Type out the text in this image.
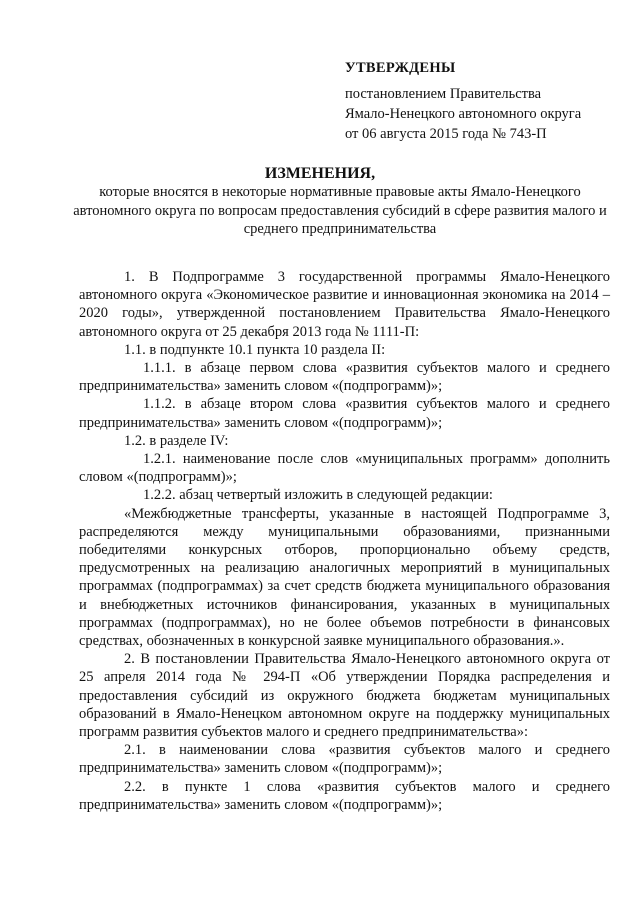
УТВЕРЖДЕНЫ
постановлением Правительства
Ямало-Ненецкого автономного округа
от 06 августа 2015 года № 743-П
ИЗМЕНЕНИЯ,
которые вносятся в некоторые нормативные правовые акты Ямало-Ненецкого автономного округа по вопросам предоставления субсидий в сфере развития малого и среднего предпринимательства

1. В Подпрограмме 3 государственной программы Ямало-Ненецкого автономного округа «Экономическое развитие и инновационная экономика на 2014 – 2020 годы», утвержденной постановлением Правительства Ямало-Ненецкого автономного округа от 25 декабря 2013 года № 1111-П:

1.1. в подпункте 10.1 пункта 10 раздела II:

1.1.1. в абзаце первом слова «развития субъектов малого и среднего предпринимательства» заменить словом «(подпрограмм)»;

1.1.2. в абзаце втором слова «развития субъектов малого и среднего предпринимательства» заменить словом «(подпрограмм)»;

1.2. в разделе IV:

1.2.1. наименование после слов «муниципальных программ» дополнить словом «(подпрограмм)»;

1.2.2. абзац четвертый изложить в следующей редакции:

«Межбюджетные трансферты, указанные в настоящей Подпрограмме 3, распределяются между муниципальными образованиями, признанными победителями конкурсных отборов, пропорционально объему средств, предусмотренных на реализацию аналогичных мероприятий в муниципальных программах (подпрограммах) за счет средств бюджета муниципального образования и внебюджетных источников финансирования, указанных в муниципальных программах (подпрограммах), но не более объемов потребности в финансовых средствах, обозначенных в конкурсной заявке муниципального образования.».

2. В постановлении Правительства Ямало-Ненецкого автономного округа от 25 апреля 2014 года № 294-П «Об утверждении Порядка распределения и предоставления субсидий из окружного бюджета бюджетам муниципальных образований в Ямало-Ненецком автономном округе на поддержку муниципальных программ развития субъектов малого и среднего предпринимательства»:

2.1. в наименовании слова «развития субъектов малого и среднего предпринимательства» заменить словом «(подпрограмм)»;

2.2. в пункте 1 слова «развития субъектов малого и среднего предпринимательства» заменить словом «(подпрограмм)»;
